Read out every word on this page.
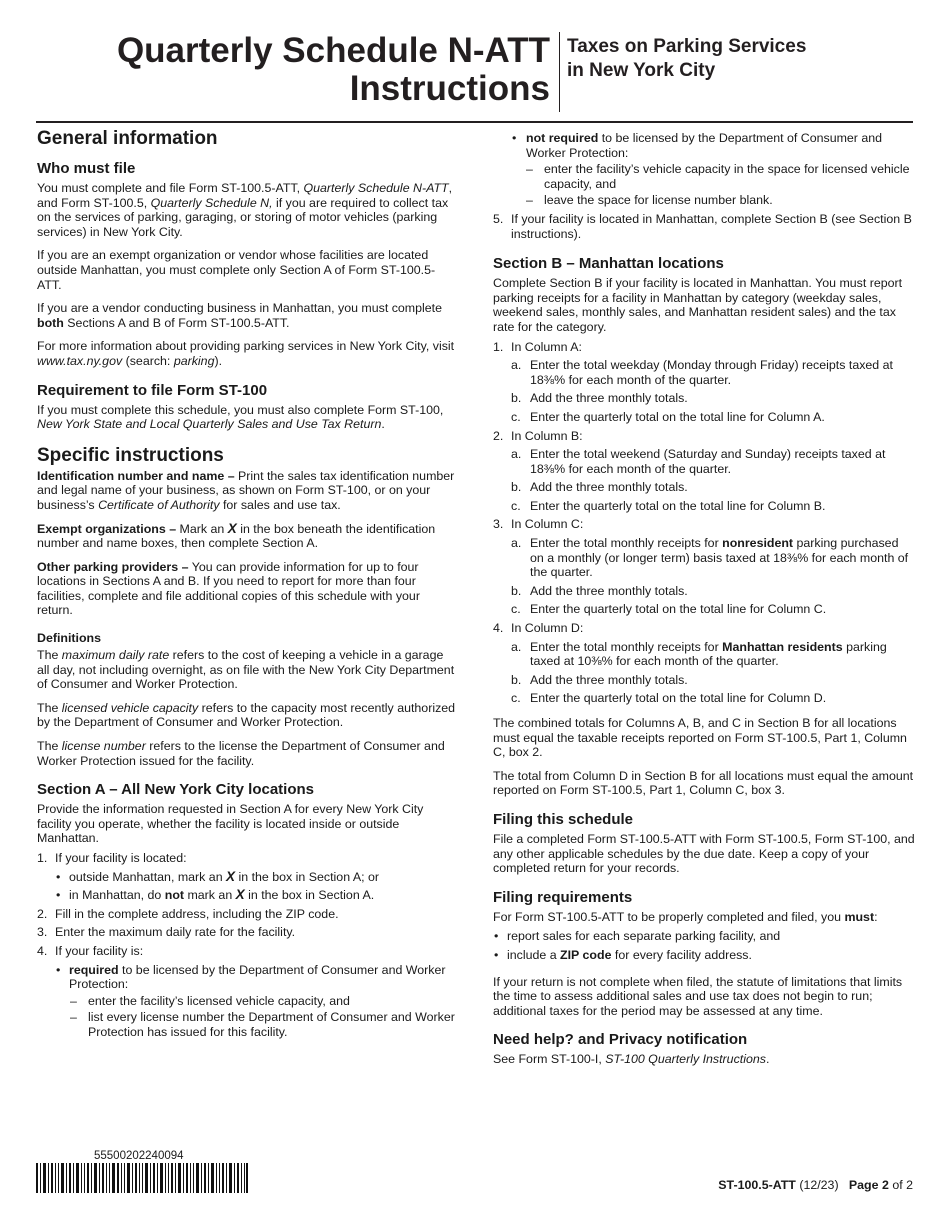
Quarterly Schedule N-ATT
Instructions
Taxes on Parking Services
in New York City
General information
Who must file

You must complete and file Form ST-100.5-ATT, Quarterly Schedule N-ATT, and Form ST-100.5, Quarterly Schedule N, if you are required to collect tax on the services of parking, garaging, or storing of motor vehicles (parking services) in New York City.

If you are an exempt organization or vendor whose facilities are located outside Manhattan, you must complete only Section A of Form ST-100.5-ATT.

If you are a vendor conducting business in Manhattan, you must complete both Sections A and B of Form ST-100.5-ATT.

For more information about providing parking services in New York City, visit www.tax.ny.gov (search: parking).

Requirement to file Form ST-100

If you must complete this schedule, you must also complete Form ST-100, New York State and Local Quarterly Sales and Use Tax Return.

Specific instructions

Identification number and name – Print the sales tax identification number and legal name of your business, as shown on Form ST-100, or on your business’s Certificate of Authority for sales and use tax.

Exempt organizations – Mark an X in the box beneath the identification number and name boxes, then complete Section A.

Other parking providers – You can provide information for up to four locations in Sections A and B. If you need to report for more than four facilities, complete and file additional copies of this schedule with your return.

Definitions

The maximum daily rate refers to the cost of keeping a vehicle in a garage all day, not including overnight, as on file with the New York City Department of Consumer and Worker Protection.

The licensed vehicle capacity refers to the capacity most recently authorized by the Department of Consumer and Worker Protection.

The license number refers to the license the Department of Consumer and Worker Protection issued for the facility.

Section A – All New York City locations

Provide the information requested in Section A for every New York City facility you operate, whether the facility is located inside or outside Manhattan.

1. If your facility is located:
• outside Manhattan, mark an X in the box in Section A; or
• in Manhattan, do not mark an X in the box in Section A.
2. Fill in the complete address, including the ZIP code.
3. Enter the maximum daily rate for the facility.
4. If your facility is:
• required to be licensed by the Department of Consumer and Worker Protection:
– enter the facility’s licensed vehicle capacity, and
– list every license number the Department of Consumer and Worker Protection has issued for this facility.
• not required to be licensed by the Department of Consumer and Worker Protection:
– enter the facility’s vehicle capacity in the space for licensed vehicle capacity, and
– leave the space for license number blank.
5. If your facility is located in Manhattan, complete Section B (see Section B instructions).
Section B – Manhattan locations

Complete Section B if your facility is located in Manhattan. You must report parking receipts for a facility in Manhattan by category (weekday sales, weekend sales, monthly sales, and Manhattan resident sales) and the tax rate for the category.

1. In Column A:
a. Enter the total weekday (Monday through Friday) receipts taxed at 18⅜% for each month of the quarter.
b. Add the three monthly totals.
c. Enter the quarterly total on the total line for Column A.
2. In Column B:
a. Enter the total weekend (Saturday and Sunday) receipts taxed at 18⅜% for each month of the quarter.
b. Add the three monthly totals.
c. Enter the quarterly total on the total line for Column B.
3. In Column C:
a. Enter the total monthly receipts for nonresident parking purchased on a monthly (or longer term) basis taxed at 18⅜% for each month of the quarter.
b. Add the three monthly totals.
c. Enter the quarterly total on the total line for Column C.
4. In Column D:
a. Enter the total monthly receipts for Manhattan residents parking taxed at 10⅜% for each month of the quarter.
b. Add the three monthly totals.
c. Enter the quarterly total on the total line for Column D.

The combined totals for Columns A, B, and C in Section B for all locations must equal the taxable receipts reported on Form ST-100.5, Part 1, Column C, box 2.

The total from Column D in Section B for all locations must equal the amount reported on Form ST-100.5, Part 1, Column C, box 3.

Filing this schedule

File a completed Form ST-100.5-ATT with Form ST-100.5, Form ST-100, and any other applicable schedules by the due date. Keep a copy of your completed return for your records.

Filing requirements

For Form ST-100.5-ATT to be properly completed and filed, you must:

• report sales for each separate parking facility, and
• include a ZIP code for every facility address.

If your return is not complete when filed, the statute of limitations that limits the time to assess additional sales and use tax does not begin to run; additional taxes for the period may be assessed at any time.

Need help? and Privacy notification

See Form ST-100-I, ST-100 Quarterly Instructions.

55500202240094
ST-100.5-ATT (12/23) Page 2 of 2
